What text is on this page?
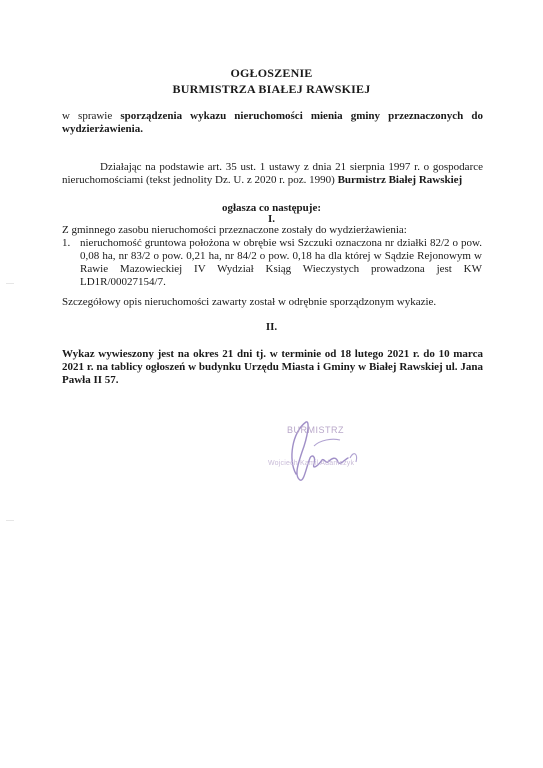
OGŁOSZENIE
BURMISTRZA BIAŁEJ RAWSKIEJ
w sprawie sporządzenia wykazu nieruchomości mienia gminy przeznaczonych do wydzierżawienia.
Działając na podstawie art. 35 ust. 1 ustawy z dnia 21 sierpnia 1997 r. o gospodarce nieruchomościami (tekst jednolity Dz. U. z 2020 r. poz. 1990) Burmistrz Białej Rawskiej
ogłasza co następuje:
I.
Z gminnego zasobu nieruchomości przeznaczone zostały do wydzierżawienia:
1. nieruchomość gruntowa położona w obrębie wsi Szczuki oznaczona nr działki 82/2 o pow. 0,08 ha, nr 83/2 o pow. 0,21 ha, nr 84/2 o pow. 0,18 ha dla której w Sądzie Rejonowym w Rawie Mazowieckiej IV Wydział Ksiąg Wieczystych prowadzona jest KW LD1R/00027154/7.
Szczegółowy opis nieruchomości zawarty został w odrębnie sporządzonym wykazie.
II.
Wykaz wywieszony jest na okres 21 dni tj. w terminie od 18 lutego 2021 r. do 10 marca 2021 r. na tablicy ogłoszeń w budynku Urzędu Miasta i Gminy w Białej Rawskiej ul. Jana Pawła II 57.
BURMISTRZ
Wojciech Kamil Adamczyk
